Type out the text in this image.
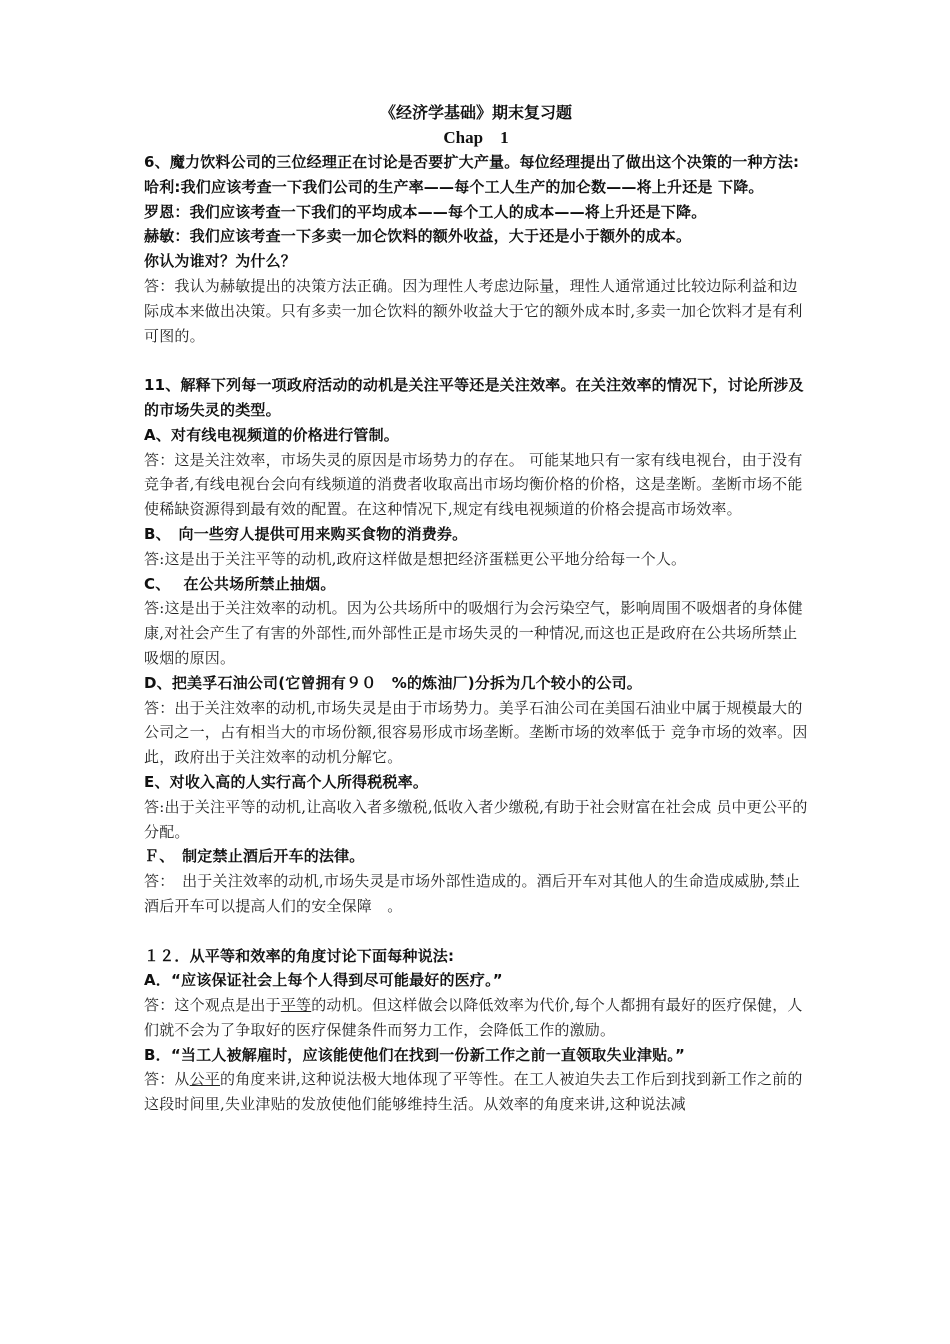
《经济学基础》期末复习题

Chap　1

6、魔力饮料公司的三位经理正在讨论是否要扩大产量。每位经理提出了做出这个决策的一种方法:

哈利:我们应该考查一下我们公司的生产率——每个工人生产的加仑数——将上升还是 下降。

罗恩：我们应该考查一下我们的平均成本——每个工人的成本——将上升还是下降。

赫敏：我们应该考查一下多卖一加仑饮料的额外收益，大于还是小于额外的成本。

你认为谁对？为什么？

答：我认为赫敏提出的决策方法正确。因为理性人考虑边际量，理性人通常通过比较边际利益和边际成本来做出决策。只有多卖一加仑饮料的额外收益大于它的额外成本时,多卖一加仑饮料才是有利可图的。

11、解释下列每一项政府活动的动机是关注平等还是关注效率。在关注效率的情况下，讨论所涉及的市场失灵的类型。

A、对有线电视频道的价格进行管制。

答：这是关注效率，市场失灵的原因是市场势力的存在。 可能某地只有一家有线电视台，由于没有竞争者,有线电视台会向有线频道的消费者收取高出市场均衡价格的价格，这是垄断。垄断市场不能使稀缺资源得到最有效的配置。在这种情况下,规定有线电视频道的价格会提高市场效率。

B、　向一些穷人提供可用来购买食物的消费券。

答:这是出于关注平等的动机,政府这样做是想把经济蛋糕更公平地分给每一个人。

C、　 在公共场所禁止抽烟。

答:这是出于关注效率的动机。因为公共场所中的吸烟行为会污染空气，影响周围不吸烟者的身体健康,对社会产生了有害的外部性,而外部性正是市场失灵的一种情况,而这也正是政府在公共场所禁止吸烟的原因。

D、把美孚石油公司(它曾拥有９０　%的炼油厂)分拆为几个较小的公司。

答：出于关注效率的动机,市场失灵是由于市场势力。美孚石油公司在美国石油业中属于规模最大的公司之一，占有相当大的市场份额,很容易形成市场垄断。垄断市场的效率低于 竞争市场的效率。因此，政府出于关注效率的动机分解它。

E、对收入高的人实行高个人所得税税率。

答:出于关注平等的动机,让高收入者多缴税,低收入者少缴税,有助于社会财富在社会成 员中更公平的分配。

Ｆ、　制定禁止酒后开车的法律。

答：　出于关注效率的动机,市场失灵是市场外部性造成的。酒后开车对其他人的生命造成威胁,禁止酒后开车可以提高人们的安全保障　。

１２．从平等和效率的角度讨论下面每种说法:

A．“应该保证社会上每个人得到尽可能最好的医疗。”

答：这个观点是出于平等的动机。但这样做会以降低效率为代价,每个人都拥有最好的医疗保健，人们就不会为了争取好的医疗保健条件而努力工作，会降低工作的激励。

B．“当工人被解雇时，应该能使他们在找到一份新工作之前一直领取失业津贴。”

答：从公平的角度来讲,这种说法极大地体现了平等性。在工人被迫失去工作后到找到新工作之前的这段时间里,失业津贴的发放使他们能够维持生活。从效率的角度来讲,这种说法减
